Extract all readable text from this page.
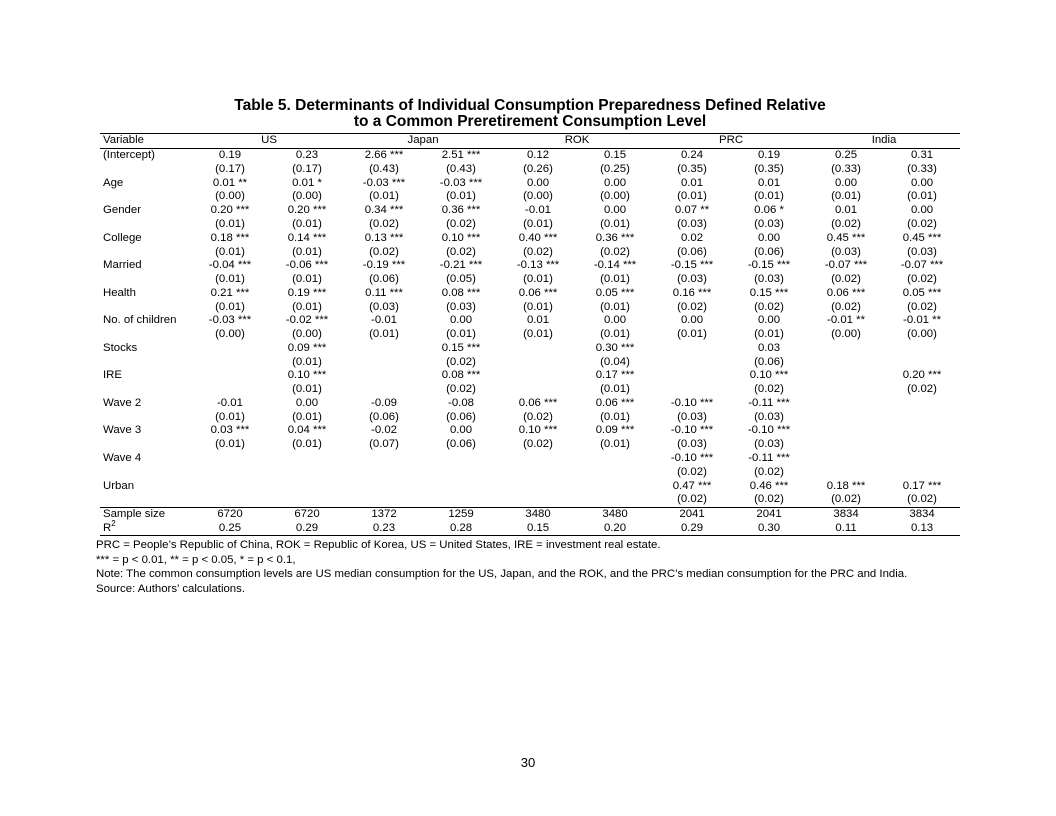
Table 5. Determinants of Individual Consumption Preparedness Defined Relative
to a Common Preretirement Consumption Level
Variable	US		Japan		ROK		PRC		India	
(Intercept)	0.19	0.23	2.66 ***	2.51 ***	0.12	0.15	0.24	0.19	0.25	0.31
	(0.17)	(0.17)	(0.43)	(0.43)	(0.26)	(0.25)	(0.35)	(0.35)	(0.33)	(0.33)
Age	0.01 **	0.01 *	-0.03 ***	-0.03 ***	0.00	0.00	0.01	0.01	0.00	0.00
	(0.00)	(0.00)	(0.01)	(0.01)	(0.00)	(0.00)	(0.01)	(0.01)	(0.01)	(0.01)
Gender	0.20 ***	0.20 ***	0.34 ***	0.36 ***	-0.01	0.00	0.07 **	0.06 *	0.01	0.00
	(0.01)	(0.01)	(0.02)	(0.02)	(0.01)	(0.01)	(0.03)	(0.03)	(0.02)	(0.02)
College	0.18 ***	0.14 ***	0.13 ***	0.10 ***	0.40 ***	0.36 ***	0.02	0.00	0.45 ***	0.45 ***
	(0.01)	(0.01)	(0.02)	(0.02)	(0.02)	(0.02)	(0.06)	(0.06)	(0.03)	(0.03)
Married	-0.04 ***	-0.06 ***	-0.19 ***	-0.21 ***	-0.13 ***	-0.14 ***	-0.15 ***	-0.15 ***	-0.07 ***	-0.07 ***
	(0.01)	(0.01)	(0.06)	(0.05)	(0.01)	(0.01)	(0.03)	(0.03)	(0.02)	(0.02)
Health	0.21 ***	0.19 ***	0.11 ***	0.08 ***	0.06 ***	0.05 ***	0.16 ***	0.15 ***	0.06 ***	0.05 ***
	(0.01)	(0.01)	(0.03)	(0.03)	(0.01)	(0.01)	(0.02)	(0.02)	(0.02)	(0.02)
No. of children	-0.03 ***	-0.02 ***	-0.01	0.00	0.01	0.00	0.00	0.00	-0.01 **	-0.01 **
	(0.00)	(0.00)	(0.01)	(0.01)	(0.01)	(0.01)	(0.01)	(0.01)	(0.00)	(0.00)
Stocks		0.09 ***		0.15 ***		0.30 ***		0.03		
		(0.01)		(0.02)		(0.04)		(0.06)		
IRE		0.10 ***		0.08 ***		0.17 ***		0.10 ***		0.20 ***
		(0.01)		(0.02)		(0.01)		(0.02)		(0.02)
Wave 2	-0.01	0.00	-0.09	-0.08	0.06 ***	0.06 ***	-0.10 ***	-0.11 ***		
	(0.01)	(0.01)	(0.06)	(0.06)	(0.02)	(0.01)	(0.03)	(0.03)		
Wave 3	0.03 ***	0.04 ***	-0.02	0.00	0.10 ***	0.09 ***	-0.10 ***	-0.10 ***		
	(0.01)	(0.01)	(0.07)	(0.06)	(0.02)	(0.01)	(0.03)	(0.03)		
Wave 4							-0.10 ***	-0.11 ***		
							(0.02)	(0.02)		
Urban							0.47 ***	0.46 ***	0.18 ***	0.17 ***
							(0.02)	(0.02)	(0.02)	(0.02)
Sample size	6720	6720	1372	1259	3480	3480	2041	2041	3834	3834
$R^2$	0.25	0.29	0.23	0.28	0.15	0.20	0.29	0.30	0.11	0.13
PRC = People’s Republic of China, ROK = Republic of Korea, US = United States, IRE = investment real estate.
*** = p < 0.01, ** = p < 0.05, * = p < 0.1,
Note: The common consumption levels are US median consumption for the US, Japan, and the ROK, and the PRC’s median consumption for the PRC and India.
Source: Authors’ calculations.
30
